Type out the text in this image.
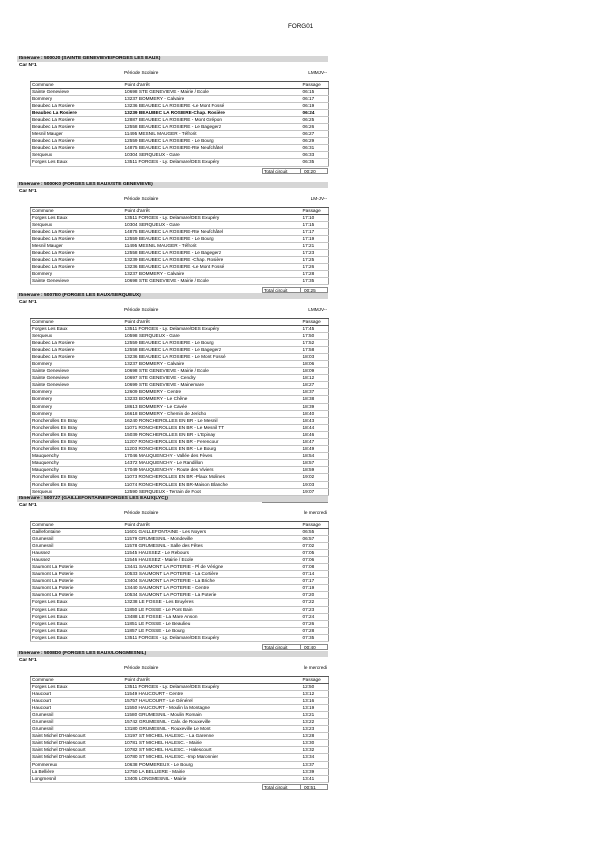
FORG01
Itinéraire : 5000J0 (SAINTE GENEVIEVE/FORGES LES EAUX)
Car N°1
Période Scolaire	LMMJV--
Commune	Point d'arrêt	Passage
Sainte Genevieve	10698 STE GENEVIEVE - Mairie / Ecole	06:15
Bommery	13237 BOMMERY - Calvaire	06:17
Beaubec La Rosiere	13236 BEAUBEC LA ROSIERE -Le Mont Fossé	06:19
Beaubec La Rosiere	13239 BEAUBEC LA ROSIERE-Chap. Rosière	06:24
Beaubec La Rosiere	12887 BEAUBEC LA ROSIERE - Mont Grépon	06:25
Beaubec La Rosiere	12558 BEAUBEC LA ROSIERE - Le Bagegerz	06:26
Mesnil Mauger	11495 MESNIL MAUGER - Téfrorit	06:27
Beaubec La Rosiere	12559 BEAUBEC LA ROSIERE - Le Bourg	06:29
Beaubec La Rosiere	14875 BEAUBEC LA ROSIERE-Rte Neufchâtel	06:31
Serqueux	10304 SERQUEUX - Gare	06:33
Forges Les Eaux	13511 FORGES - Ly. Delamare/DES Exupéry	06:35
Total circuit	00:20
Itinéraire : 5000K0 (FORGES LES EAUX/STE GENEVIEVE)
Car N°1
Période Scolaire	LM-JV--
Commune	Point d'arrêt	Passage
Forges Les Eaux	13511 FORGES - Ly. Delamare/DES Exupéry	17:10
Serqueux	10304 SERQUEUX - Gare	17:15
Beaubec La Rosiere	14875 BEAUBEC LA ROSIERE-Rte Neufchâtel	17:17
Beaubec La Rosiere	12559 BEAUBEC LA ROSIERE - Le Bourg	17:19
Mesnil Mauger	11495 MESNIL MAUGER - Téfrorit	17:21
Beaubec La Rosiere	12558 BEAUBEC LA ROSIERE - Le Bagegerz	17:23
Beaubec La Rosiere	13239 BEAUBEC LA ROSIERE -Chap. Rosière	17:25
Beaubec La Rosiere	13236 BEAUBEC LA ROSIERE -Le Mont Fossé	17:26
Bommery	13237 BOMMERY - Calvaire	17:28
Sainte Genevieve	10698 STE GENEVIEVE - Mairie / Ecole	17:35
Total circuit	00:25
Itinéraire : 5007E0 (FORGES LES EAUX/SERQUEUX)
Car N°1
Période Scolaire	LMMJV--
Commune	Point d'arrêt	Passage
Forges Les Eaux	13511 FORGES - Ly. Delamare/DES Exupéry	17:45
Serqueux	10598 SERQUEUX - Gare	17:50
Beaubec La Rosiere	12559 BEAUBEC LA ROSIERE - Le Bourg	17:52
Beaubec La Rosiere	12558 BEAUBEC LA ROSIERE - Le Bagegerz	17:58
Beaubec La Rosiere	13236 BEAUBEC LA ROSIERE - Le Mont Fossé	18:03
Bommery	13237 BOMMERY - Calvaire	18:06
Sainte Genevieve	10698 STE GENEVIEVE - Mairie / Ecole	18:09
Sainte Genevieve	10697 STE GENEVIEVE - Cendry	18:12
Sainte Genevieve	10699 STE GENEVIEVE - Mainemare	18:27
Bommery	12609 BOMMERY - Centre	18:37
Bommery	13233 BOMMERY - Le Chêne	18:38
Bommery	18613 BOMMERY - Le Cavée	18:39
Bommery	16618 BOMMERY - Chemin de Jericho	18:40
Roncherolles En Bray	16240 RONCHEROLLES EN BR - Le Mesnil	18:43
Roncherolles En Bray	11071 RONCHEROLLES EN BR - Le Mesnil TT	18:44
Roncherolles En Bray	15039 RONCHEROLLES EN BR - L'Epinay	18:46
Roncherolles En Bray	11207 RONCHEROLLES EN BR - Ferencour	18:47
Roncherolles En Bray	11203 RONCHEROLLES EN BR - Le Bourg	18:49
Mauquenchy	17046 MAUQUENCHY - Vallée des Fèves	18:54
Mauquenchy	14372 MAUQUENCHY - Le Randillon	18:57
Mauquenchy	17049 MAUQUENCHY - Route des Viviers	18:59
Roncherolles En Bray	11073 RONCHEROLLES EN BR -Plaux Molines	19:02
Roncherolles En Bray	11074 RONCHEROLLES EN BR-Maison Blanche	19:03
Serqueux	12590 SERQUEUX - Terrain de Foot	19:07
Itinéraire : 5007J7 (GAILLEFONTAINE/FORGES LES EAUX(LYC))
Car N°1
Période Scolaire	le mercredi
Commune	Point d'arrêt	Passage
Gaillefontaine	11601 GAILLEFONTAINE - Les Noyers	06:55
Grumesnil	11579 GRUMESNIL - Mondeville	06:57
Grumesnil	11578 GRUMESNIL - Salle des Fêtes	07:02
Haussez	11545 HAUSSEZ - Le Rebours	07:05
Haussez	11546 HAUSSEZ - Mairie / Ecole	07:06
Saumont La Poterie	13441 SAUMONT LA POTERIE - Pl de Vérigne	07:08
Saumont La Poterie	10533 SAUMONT LA POTERIE - La Cortière	07:14
Saumont La Poterie	13404 SAUMONT LA POTERIE - La Briche	07:17
Saumont La Poterie	13440 SAUMONT LA POTERIE - Centre	07:19
Saumont La Poterie	10534 SAUMONT LA POTERIE - La Poterie	07:20
Forges Les Eaux	13238 LE FOSSE - Les Bruyères	07:22
Forges Les Eaux	11850 LE FOSSE - Le Pont Bain	07:23
Forges Les Eaux	13488 LE FOSSE - La Mare Anson	07:24
Forges Les Eaux	11851 LE FOSSE - Le Beaulieu	07:26
Forges Les Eaux	11857 LE FOSSE - Le Bourg	07:28
Forges Les Eaux	13511 FORGES - Ly. Delamare/DES Exupéry	07:35
Total circuit	00:40
Itinéraire : 5008D0 (FORGES LES EAUX/LONGMESNIL)
Car N°1
Période Scolaire	le mercredi
Commune	Point d'arrêt	Passage
Forges Les Eaux	13511 FORGES - Ly. Delamare/DES Exupéry	12:50
Haucourt	11549 HAUCOURT - Centre	13:12
Haucourt	15757 HAUCOURT - Le Générel	13:16
Haucourt	11550 HAUCOURT - Moulin la Montagne	13:19
Grumesnil	11580 GRUMESNIL - Moulin Romain	13:21
Grumesnil	15742 GRUMESNIL - Calv. de Rouxeville	13:22
Grumesnil	13180 GRUMESNIL - Rouxeville Le Mont	13:23
Saint Michel D'Halescourt	13197 ST MICHEL HALESC. - La Garenne	13:28
Saint Michel D'Halescourt	10781 ST MICHEL HALESC. - Mairie	13:30
Saint Michel D'Halescourt	10782 ST MICHEL HALESC. - Halescourt	13:32
Saint Michel D'Halescourt	10780 ST MICHEL HALESC. -Imp Maronnier	13:34
Pommereux	10638 POMMEREUX - Le Bourg	13:37
La Bellière	12750 LA BELLIERE - Mairie	13:39
Longmesnil	13405 LONGMESNIL - Mairie	13:41
Total circuit	00:51
